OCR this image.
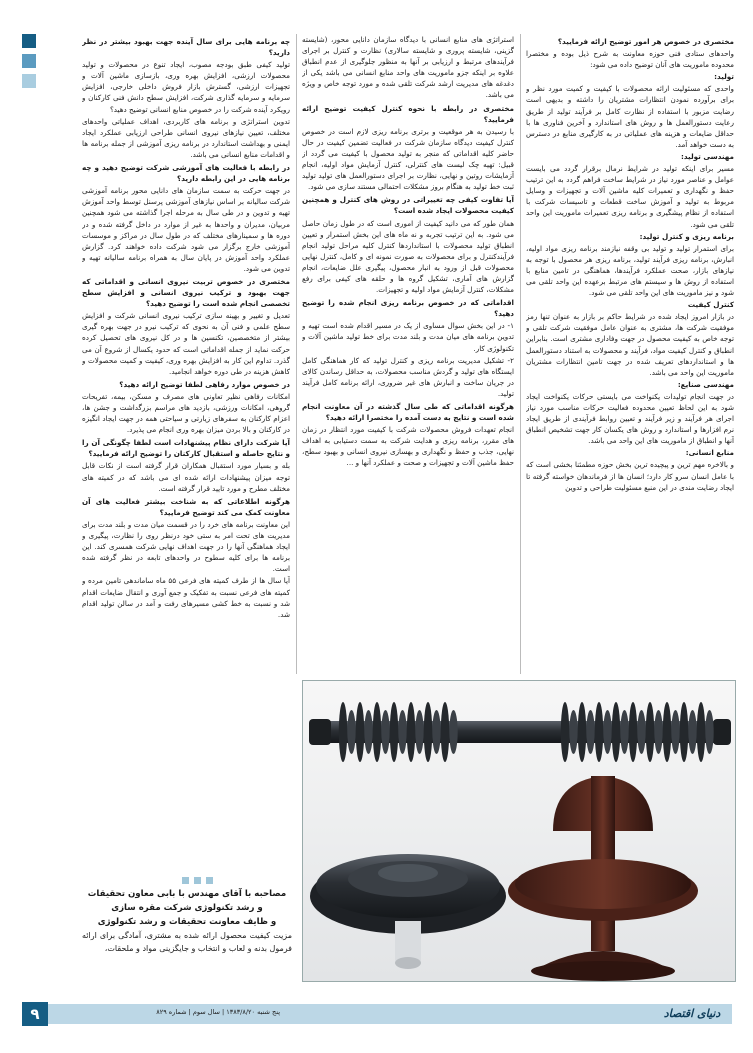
مختصری در خصوص هر امور توضیح ارائه فرمایید؟

واحدهای ستادی فنی حوزه معاونت به شرح ذیل بوده و مختصرا محدوده ماموریت های آنان توضیح داده می شود:

تولید:

واحدی که مسئولیت ارائه محصولات با کیفیت و کمیت مورد نظر و برای برآورده نمودن انتظارات مشتریان را داشته و بدیهی است رضایت مزبور با استفاده از نظارت کامل بر فرآیند تولید از طریق رعایت دستورالعمل ها و روش های استاندارد و آخرین فناوری ها با حداقل ضایعات و هزینه های عملیاتی در به کارگیری منابع در دسترس به دست خواهد آمد.

مهندسی تولید:

مسیر برای اینکه تولید در شرایط نرمال برقرار گردد می بایست عوامل و عناصر مورد نیاز در شرایط ساخت فراهم گردد به این ترتیب حفظ و نگهداری و تعمیرات کلیه ماشین آلات و تجهیزات و وسایل مربوط به تولید و آموزش ساخت قطعات و تاسیسات شرکت با استفاده از نظام پیشگیری و برنامه ریزی تعمیرات ماموریت این واحد تلقی می شود.

برنامه ریزی و کنترل تولید:

برای استمرار تولید و تولید بی وقفه نیازمند برنامه ریزی مواد اولیه، انبارش، برنامه ریزی فرآیند تولید، برنامه ریزی هر محصول با توجه به نیازهای بازار، صحت عملکرد فرآیندها، هماهنگی در تامین منابع با استفاده از روش ها و سیستم های مرتبط برعهده این واحد تلقی می شود و نیز ماموریت های این واحد تلقی می شود.

کنترل کیفیت

در بازار امروز ایجاد شده در شرایط حاکم بر بازار به عنوان تنها رمز موفقیت شرکت ها، مشتری به عنوان عامل موفقیت شرکت تلقی و توجه خاص به کیفیت محصول در جهت وفاداری مشتری است. بنابراین انطباق و کنترل کیفیت مواد، فرآیند و محصولات به استناد دستورالعمل ها و استانداردهای تعریف شده در جهت تامین انتظارات مشتریان ماموریت این واحد می باشد.

مهندسی صنایع:

در جهت انجام تولیدات یکنواخت می بایستی حرکات یکنواخت ایجاد شود به این لحاظ تعیین محدوده فعالیت حرکات مناسب مورد نیاز اجرای هر فرآیند و زیر فرآیند و تعیین روابط فرآیندی از طریق ایجاد نرم افزارها و استاندارد و روش های یکسان کار جهت تشخیص انطباق آنها و انطباق از ماموریت های این واحد می باشد.

منابع انسانی:

و بالاخره مهم ترین و پیچیده ترین بخش حوزه مطمئنا بخشی است که با عامل انسان سرو کار دارد؛ انسان ها از فرماندهان خواسته گرفته تا ایجاد رضایت مندی در این منبع مسئولیت طراحی و تدوین

استراتژی های منابع انسانی با دیدگاه سازمان دانایی محور، (شایسته گزینی، شایسته پروری و شایسته سالاری) نظارت و کنترل بر اجرای فرآیندهای مرتبط و ارزیابی بر آنها به منظور جلوگیری از عدم انطباق علاوه بر اینکه جزو ماموریت های واحد منابع انسانی می باشد یکی از دغدغه های مدیریت ارشد شرکت تلقی شده و مورد توجه خاص و ویژه می باشد.

مختصری در رابطه با نحوه کنترل کیفیت توضیح ارائه فرمایید؟

با رسیدن به هر موقعیت و برتری برنامه ریزی لازم است در خصوص کنترل کیفیت دیدگاه سازمان شرکت در فعالیت تضمین کیفیت در حال حاضر کلیه اقداماتی که منجر به تولید محصول با کیفیت می گردد از قبیل: تهیه چک لیست های کنترلی، کنترل آزمایش مواد اولیه، انجام آزمایشات روتین و نهایی، نظارت بر اجرای دستورالعمل های تولید تولید ثبت خط تولید به هنگام بروز مشکلات احتمالی مستند سازی می شود.

آیا تفاوت کیفی چه تغییراتی در روش های کنترل و همچنین کیفیت محصولات ایجاد شده است؟

همان طور که می دانید کیفیت از اموری است که در طول زمان حاصل می شود. به این ترتیب تجربه و نه ماه های این بخش استمرار و تعیین انطباق تولید محصولات با استانداردها کنترل کلیه مراحل تولید انجام فرآیندکنترل و برای محصولات به صورت نمونه ای و کامل، کنترل نهایی محصولات قبل از ورود به انبار محصول، پیگیری علل ضایعات، انجام گزارش های آماری، تشکیل گروه ها و حلقه های کیفی برای رفع مشکلات، کنترل آزمایش مواد اولیه و تجهیزات.

اقداماتی که در خصوص برنامه ریزی انجام شده را توضیح دهید؟

۱- در این بخش سوال مساوی از یک در مسیر اقدام شده است تهیه و تدوین برنامه های میان مدت و بلند مدت برای خط تولید ماشین آلات و تکنولوژی کار.

۲- تشکیل مدیریت برنامه ریزی و کنترل تولید که کار هماهنگی کامل ایستگاه های تولید و گردش مناسب محصولات، به حداقل رساندن کالای در جریان ساخت و انبارش های غیر ضروری، ارائه برنامه کامل فرآیند تولید.

هرگونه اقداماتی که طی سال گذشته در آن معاونت انجام شده است و نتایج به دست آمده را مختصرا ارائه دهید؟

انجام تعهدات فروش محصولات شرکت با کیفیت مورد انتظار در زمان های مقرر، برنامه ریزی و هدایت شرکت به سمت دستیابی به اهداف نهایی، جذب و حفظ و نگهداری و بهسازی نیروی انسانی و بهبود سطح، حفظ ماشین آلات و تجهیزات و صحت و عملکرد آنها و ...

چه برنامه هایی برای سال آینده جهت بهبود بیشتر در نظر دارید؟

تولید کیفی طبق بودجه مصوب، ایجاد تنوع در محصولات و تولید محصولات ارزشی، افزایش بهره وری، بازسازی ماشین آلات و تجهیزات ارزشی، گسترش بازار فروش داخلی خارجی، افزایش سرمایه و سرمایه گذاری شرکت، افزایش سطح دانش فنی کارکنان و رویکرد آینده شرکت را در خصوص منابع انسانی توضیح دهید؟

تدوین استراتژی و برنامه های کاربردی، اهداف عملیاتی واحدهای مختلف، تعیین نیازهای نیروی انسانی طراحی ارزیابی عملکرد ایجاد ایمنی و بهداشت استاندارد در برنامه ریزی آموزشی از جمله برنامه ها و اقدامات منابع انسانی می باشد.

در رابطه با فعالیت های آموزشی شرکت توضیح دهید و چه برنامه هایی در این رابطه دارید؟

در جهت حرکت به سمت سازمان های دانایی محور برنامه آموزشی شرکت سالیانه بر اساس نیازهای آموزشی پرسنل توسط واحد آموزش تهیه و تدوین و در طی سال به مرحله اجرا گذاشته می شود همچنین مربیان، مدیران و واحدها به غیر از موارد در داخل گرفته شده و در دوره ها و سمینارهای مختلف که در طول سال در مراکز و موسسات آموزشی خارج برگزار می شود شرکت داده خواهند کرد. گزارش عملکرد واحد آموزش در پایان سال به همراه برنامه سالیانه تهیه و تدوین می شود.

مختصری در خصوص تربیت نیروی انسانی و اقداماتی که جهت بهبود و ترکیب نیروی انسانی و افزایش سطح تخصصی انجام شده است را توضیح دهید؟

تعدیل و تغییر و بهینه سازی ترکیب نیروی انسانی شرکت و افزایش سطح علمی و فنی آن به نحوی که ترکیب نیرو در جهت بهره گیری بیشتر از متخصصین، تکنسین ها و در کل نیروی های تحصیل کرده حرکت نماید از جمله اقداماتی است که حدود یکسال از شروع آن می گذرد. تداوم این کار به افزایش بهره وری، کیفیت و کمیت محصولات و کاهش هزینه در طی دوره خواهد انجامید.

در خصوص موارد رفاهی لطفا توضیح ارائه دهید؟

امکانات رفاهی نظیر تعاونی های مصرف و مسکن، بیمه، تفریحات گروهی، امکانات ورزشی، بازدید های مراسم بزرگداشت و جشن ها، اعزام کارکنان به سفرهای زیارتی و سیاحتی همه در جهت ایجاد انگیزه در کارکنان و بالا بردن میزان بهره وری انجام می پذیرد.

آیا شرکت دارای نظام پیشنهادات است لطفا چگونگی آن را و نتایج حاصله و استقبال کارکنان را توضیح ارائه فرمایید؟

بله و بسیار مورد استقبال همکاران قرار گرفته است از نکات قابل توجه میزان پیشنهادات ارائه شده ای می باشد که در کمیته های مختلف مطرح و مورد تایید قرار گرفته است.

هرگونه اطلاعاتی که به شناخت بیشتر فعالیت های آن معاونت کمک می کند توضیح فرمایید؟

این معاونت برنامه های خرد را در قسمت میان مدت و بلند مدت برای مدیریت های تحت امر به ستی خود درنظر روی را نظارت، پیگیری و ایجاد هماهنگی آنها را در جهت اهداف نهایی شرکت همسری کند. این برنامه ها برای کلیه سطوح در واحدهای تابعه در نظر گرفته شده است.

آیا سال ها از طرف کمیته های فرعی ۵۵ ماه ساماندهی تامین مرده و کمیته های فرعی نسبت به تفکیک و جمع آوری و انتقال ضایعات اقدام شد و نسبت به خط کشی مسیرهای رفت و آمد در سالن تولید اقدام شد.

مصاحبه با آقای مهندس با بابی معاون تحقیقات
و رشد تکنولوژی شرکت مقره سازی
و ظایف معاونت تحقیقات و رشد تکنولوژی
مزیت کیفیت محصول ارائه شده به مشتری، آمادگی برای ارائه فرمول بدنه و لعاب و انتخاب و جایگزینی مواد و ملحقات،
۹	پنج شنبه ۱۳۸۳/۸/۲۰ | سال سوم | شماره ۸۲۹	دنیای اقتصاد
